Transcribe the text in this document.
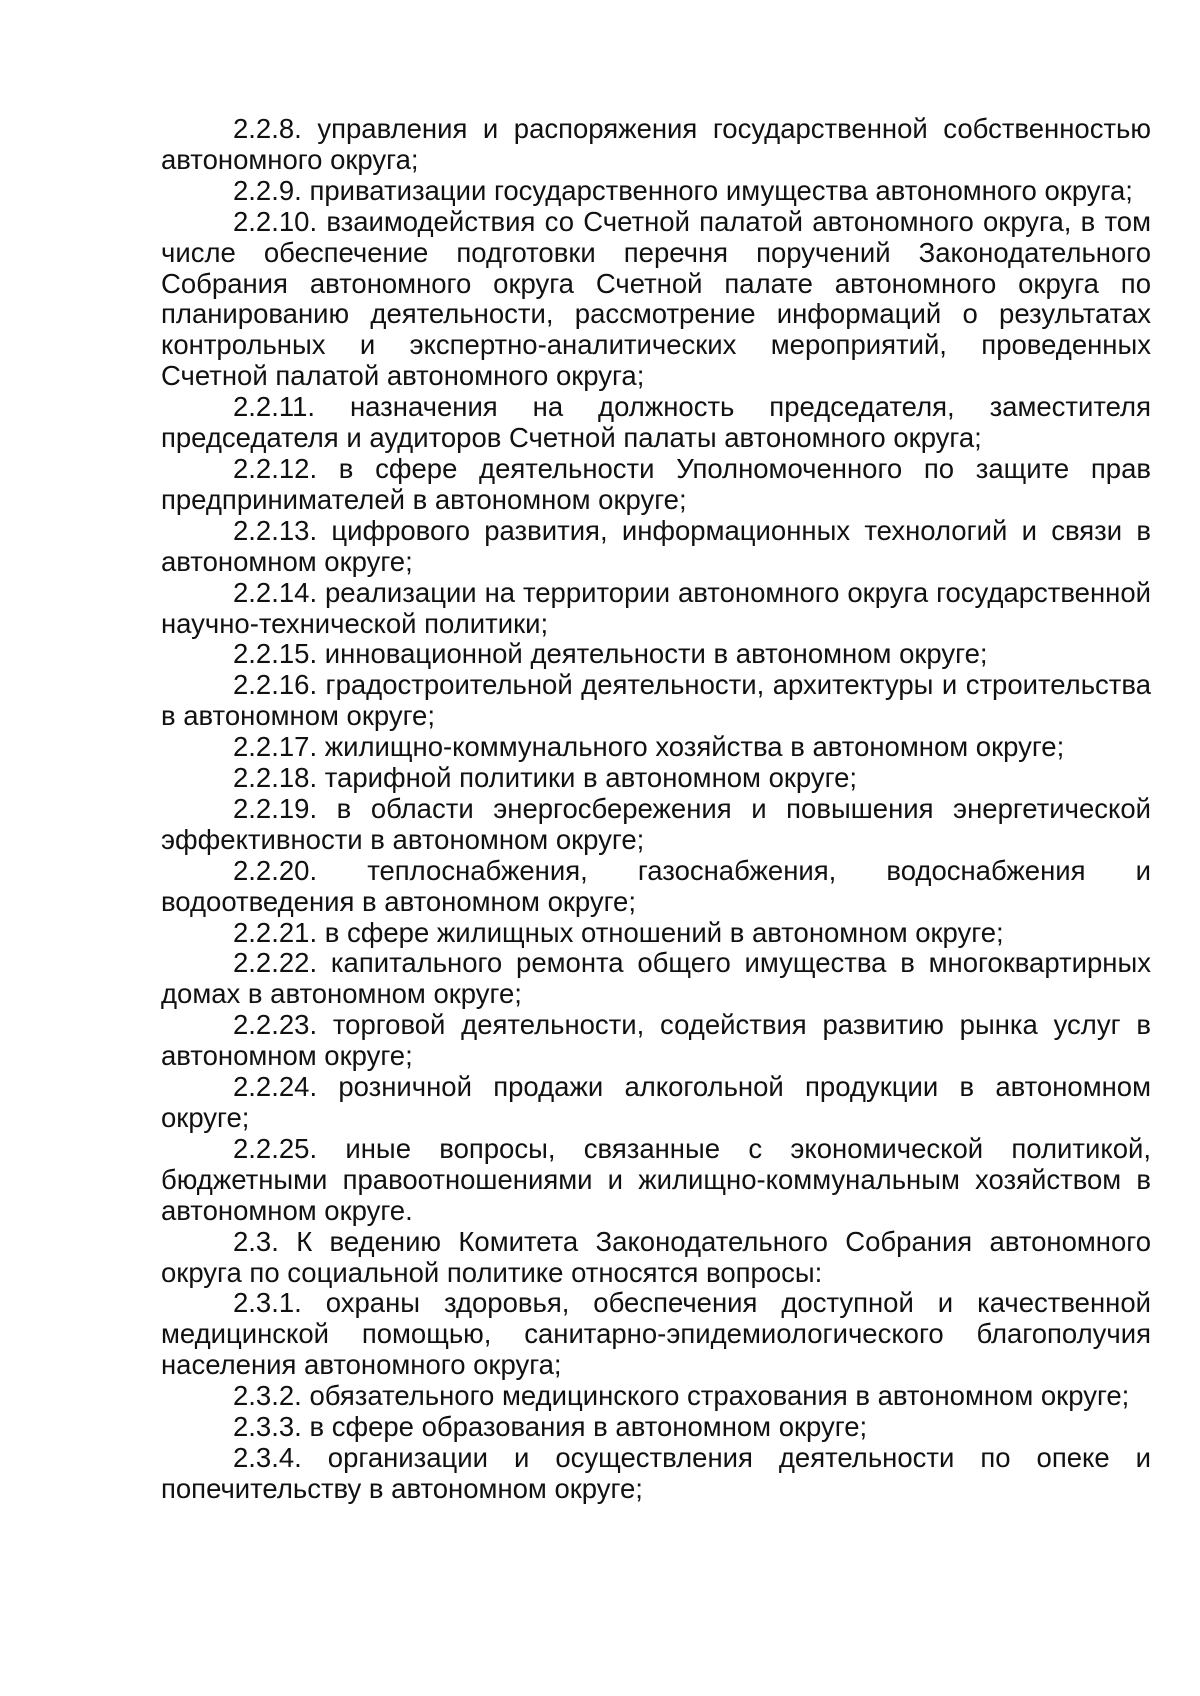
2.2.8. управления и распоряжения государственной собственностью автономного округа;

2.2.9. приватизации государственного имущества автономного округа;

2.2.10. взаимодействия со Счетной палатой автономного округа, в том числе обеспечение подготовки перечня поручений Законодательного Собрания автономного округа Счетной палате автономного округа по планированию деятельности, рассмотрение информаций о результатах контрольных и экспертно-аналитических мероприятий, проведенных Счетной палатой автономного округа;

2.2.11. назначения на должность председателя, заместителя председателя и аудиторов Счетной палаты автономного округа;

2.2.12. в сфере деятельности Уполномоченного по защите прав предпринимателей в автономном округе;

2.2.13. цифрового развития, информационных технологий и связи в автономном округе;

2.2.14. реализации на территории автономного округа государственной научно-технической политики;

2.2.15. инновационной деятельности в автономном округе;

2.2.16. градостроительной деятельности, архитектуры и строительства в автономном округе;

2.2.17. жилищно-коммунального хозяйства в автономном округе;

2.2.18. тарифной политики в автономном округе;

2.2.19. в области энергосбережения и повышения энергетической эффективности в автономном округе;

2.2.20. теплоснабжения, газоснабжения, водоснабжения и водоотведения в автономном округе;

2.2.21. в сфере жилищных отношений в автономном округе;

2.2.22. капитального ремонта общего имущества в многоквартирных домах в автономном округе;

2.2.23. торговой деятельности, содействия развитию рынка услуг в автономном округе;

2.2.24. розничной продажи алкогольной продукции в автономном округе;

2.2.25. иные вопросы, связанные с экономической политикой, бюджетными правоотношениями и жилищно-коммунальным хозяйством в автономном округе.

2.3. К ведению Комитета Законодательного Собрания автономного округа по социальной политике относятся вопросы:

2.3.1. охраны здоровья, обеспечения доступной и качественной медицинской помощью, санитарно-эпидемиологического благополучия населения автономного округа;

2.3.2. обязательного медицинского страхования в автономном округе;

2.3.3. в сфере образования в автономном округе;

2.3.4. организации и осуществления деятельности по опеке и попечительству в автономном округе;
